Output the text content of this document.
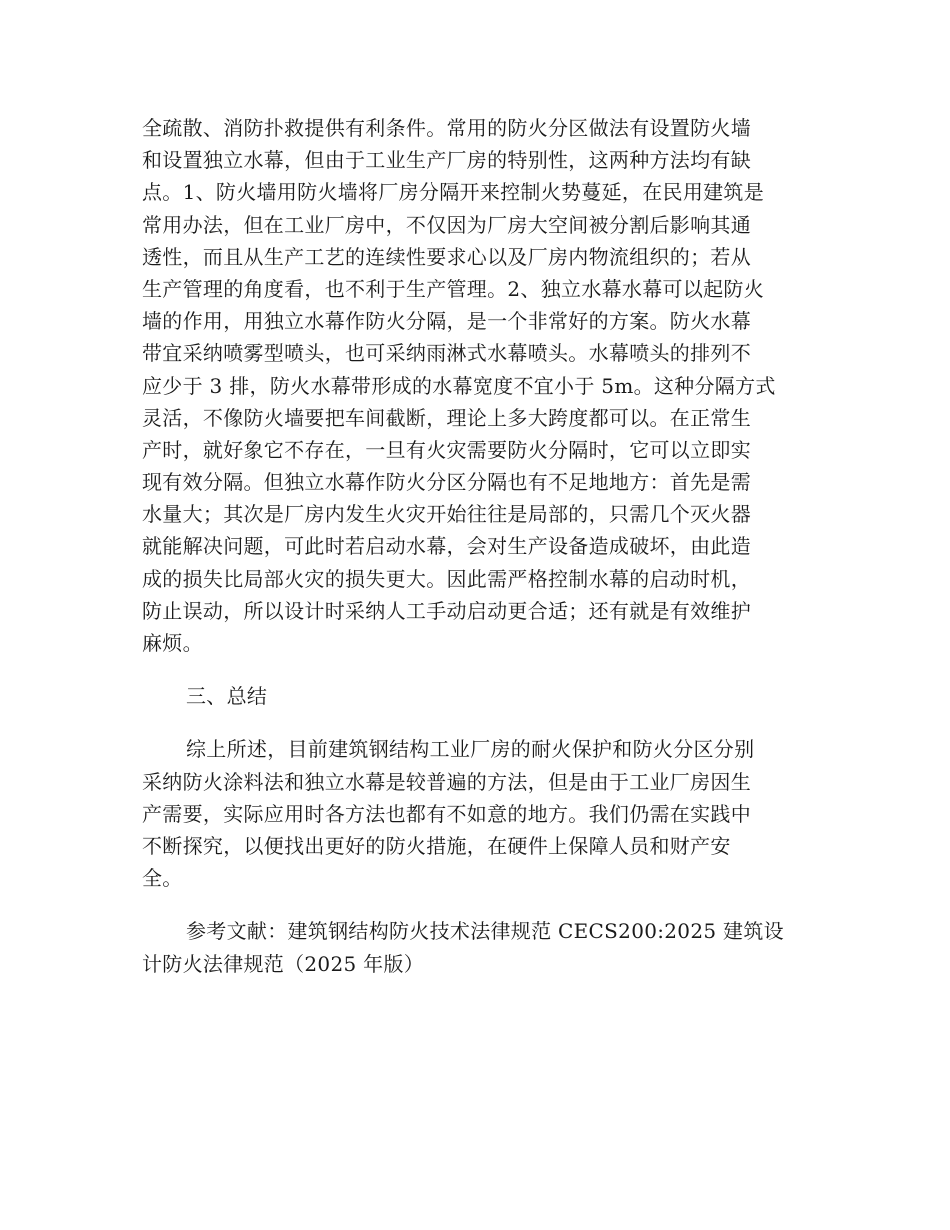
全疏散、消防扑救提供有利条件。常用的防火分区做法有设置防火墙
和设置独立水幕，但由于工业生产厂房的特别性，这两种方法均有缺
点。1、防火墙用防火墙将厂房分隔开来控制火势蔓延，在民用建筑是
常用办法，但在工业厂房中，不仅因为厂房大空间被分割后影响其通
透性，而且从生产工艺的连续性要求心以及厂房内物流组织的；若从
生产管理的角度看，也不利于生产管理。2、独立水幕水幕可以起防火
墙的作用，用独立水幕作防火分隔，是一个非常好的方案。防火水幕
带宜采纳喷雾型喷头，也可采纳雨淋式水幕喷头。水幕喷头的排列不
应少于 3 排，防火水幕带形成的水幕宽度不宜小于 5m。这种分隔方式
灵活，不像防火墙要把车间截断，理论上多大跨度都可以。在正常生
产时，就好象它不存在，一旦有火灾需要防火分隔时，它可以立即实
现有效分隔。但独立水幕作防火分区分隔也有不足地地方：首先是需
水量大；其次是厂房内发生火灾开始往往是局部的，只需几个灭火器
就能解决问题，可此时若启动水幕，会对生产设备造成破坏，由此造
成的损失比局部火灾的损失更大。因此需严格控制水幕的启动时机，
防止误动，所以设计时采纳人工手动启动更合适；还有就是有效维护
麻烦。
三、总结
综上所述，目前建筑钢结构工业厂房的耐火保护和防火分区分别
采纳防火涂料法和独立水幕是较普遍的方法，但是由于工业厂房因生
产需要，实际应用时各方法也都有不如意的地方。我们仍需在实践中
不断探究，以便找出更好的防火措施，在硬件上保障人员和财产安
全。
参考文献：建筑钢结构防火技术法律规范 CECS200:2025 建筑设
计防火法律规范（2025 年版）
